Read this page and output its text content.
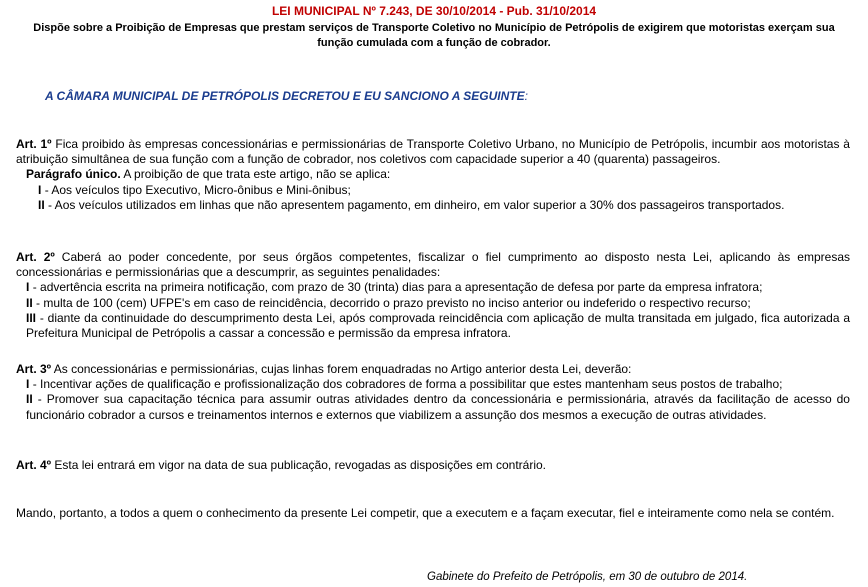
LEI MUNICIPAL Nº 7.243, DE 30/10/2014 - Pub. 31/10/2014
Dispõe sobre a Proibição de Empresas que prestam serviços de Transporte Coletivo no Município de Petrópolis de exigirem que motoristas exerçam sua
função cumulada com a função de cobrador.
A CÂMARA MUNICIPAL DE PETRÓPOLIS DECRETOU E EU SANCIONO A SEGUINTE:
Art. 1º Fica proibido às empresas concessionárias e permissionárias de Transporte Coletivo Urbano, no Município de Petrópolis, incumbir aos motoristas à atribuição simultânea de sua função com a função de cobrador, nos coletivos com capacidade superior a 40 (quarenta) passageiros.
Parágrafo único. A proibição de que trata este artigo, não se aplica:
I - Aos veículos tipo Executivo, Micro-ônibus e Mini-ônibus;
II - Aos veículos utilizados em linhas que não apresentem pagamento, em dinheiro, em valor superior a 30% dos passageiros transportados.
Art. 2º Caberá ao poder concedente, por seus órgãos competentes, fiscalizar o fiel cumprimento ao disposto nesta Lei, aplicando às empresas concessionárias e permissionárias que a descumprir, as seguintes penalidades:
I - advertência escrita na primeira notificação, com prazo de 30 (trinta) dias para a apresentação de defesa por parte da empresa infratora;
II - multa de 100 (cem) UFPE's em caso de reincidência, decorrido o prazo previsto no inciso anterior ou indeferido o respectivo recurso;
III - diante da continuidade do descumprimento desta Lei, após comprovada reincidência com aplicação de multa transitada em julgado, fica autorizada a Prefeitura Municipal de Petrópolis a cassar a concessão e permissão da empresa infratora.
Art. 3º As concessionárias e permissionárias, cujas linhas forem enquadradas no Artigo anterior desta Lei, deverão:
I - Incentivar ações de qualificação e profissionalização dos cobradores de forma a possibilitar que estes mantenham seus postos de trabalho;
II - Promover sua capacitação técnica para assumir outras atividades dentro da concessionária e permissionária, através da facilitação de acesso do funcionário cobrador a cursos e treinamentos internos e externos que viabilizem a assunção dos mesmos a execução de outras atividades.
Art. 4º Esta lei entrará em vigor na data de sua publicação, revogadas as disposições em contrário.
Mando, portanto, a todos a quem o conhecimento da presente Lei competir, que a executem e a façam executar, fiel e inteiramente como nela se contém.
Gabinete do Prefeito de Petrópolis, em 30 de outubro de 2014.
